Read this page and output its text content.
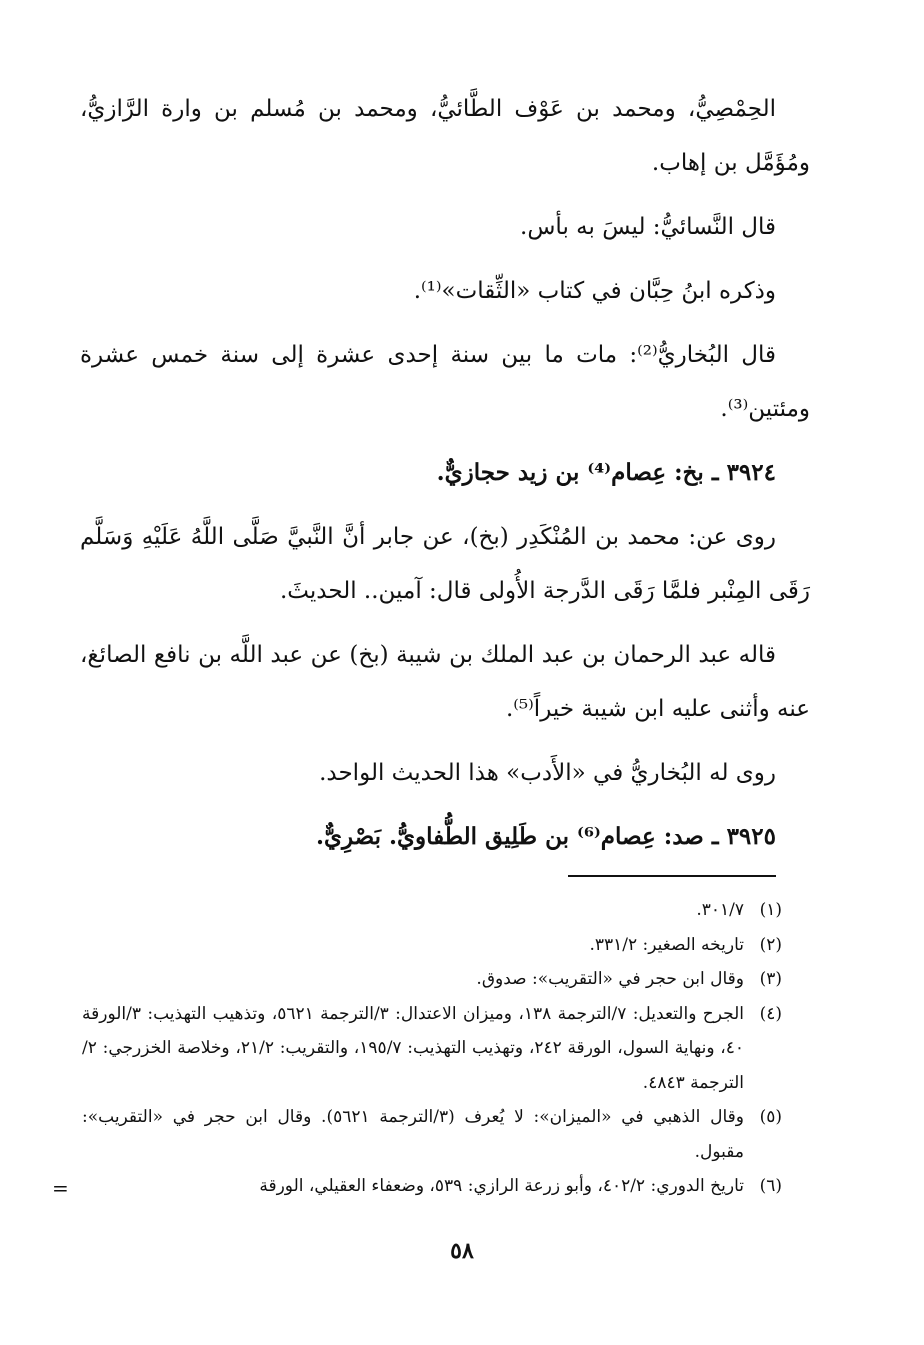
الحِمْصِيُّ، ومحمد بن عَوْف الطَّائيُّ، ومحمد بن مُسلم بن وارة الرَّازيُّ، ومُؤَمَّل بن إهاب.

قال النَّسائيُّ: ليسَ به بأس.

وذكره ابنُ حِبَّان في كتاب «الثِّقات»⁽¹⁾.

قال البُخاريُّ⁽²⁾: مات ما بين سنة إحدى عشرة إلى سنة خمس عشرة ومئتين⁽³⁾.

٣٩٢٤ ـ بخ: عِصام⁽⁴⁾ بن زيد حجازيٌّ.

روى عن: محمد بن المُنْكَدِر (بخ)، عن جابر أنَّ النَّبيَّ صَلَّى اللَّهُ عَلَيْهِ وَسَلَّم رَقَى المِنْبر فلمَّا رَقَى الدَّرجة الأُولى قال: آمين.. الحديثَ.

قاله عبد الرحمان بن عبد الملك بن شيبة (بخ) عن عبد اللَّه بن نافع الصائغ، عنه وأثنى عليه ابن شيبة خيراً⁽⁵⁾.

روى له البُخاريُّ في «الأَدب» هذا الحديث الواحد.

٣٩٢٥ ـ صد: عِصام⁽⁶⁾ بن طَلِيق الطُّفاويُّ. بَصْرِيٌّ.

(١)
٣٠١/٧.

(٢)
تاريخه الصغير: ٣٣١/٢.

(٣)
وقال ابن حجر في «التقريب»: صدوق.

(٤)
الجرح والتعديل: ٧/الترجمة ١٣٨، وميزان الاعتدال: ٣/الترجمة ٥٦٢١، وتذهيب التهذيب: ٣/الورقة ٤٠، ونهاية السول، الورقة ٢٤٢، وتهذيب التهذيب: ١٩٥/٧، والتقريب: ٢١/٢، وخلاصة الخزرجي: ٢/الترجمة ٤٨٤٣.

(٥)
وقال الذهبي في «الميزان»: لا يُعرف (٣/الترجمة ٥٦٢١). وقال ابن حجر في «التقريب»: مقبول.

(٦)
تاريخ الدوري: ٤٠٢/٢، وأبو زرعة الرازي: ٥٣٩، وضعفاء العقيلي، الورقة

=
٥٨
